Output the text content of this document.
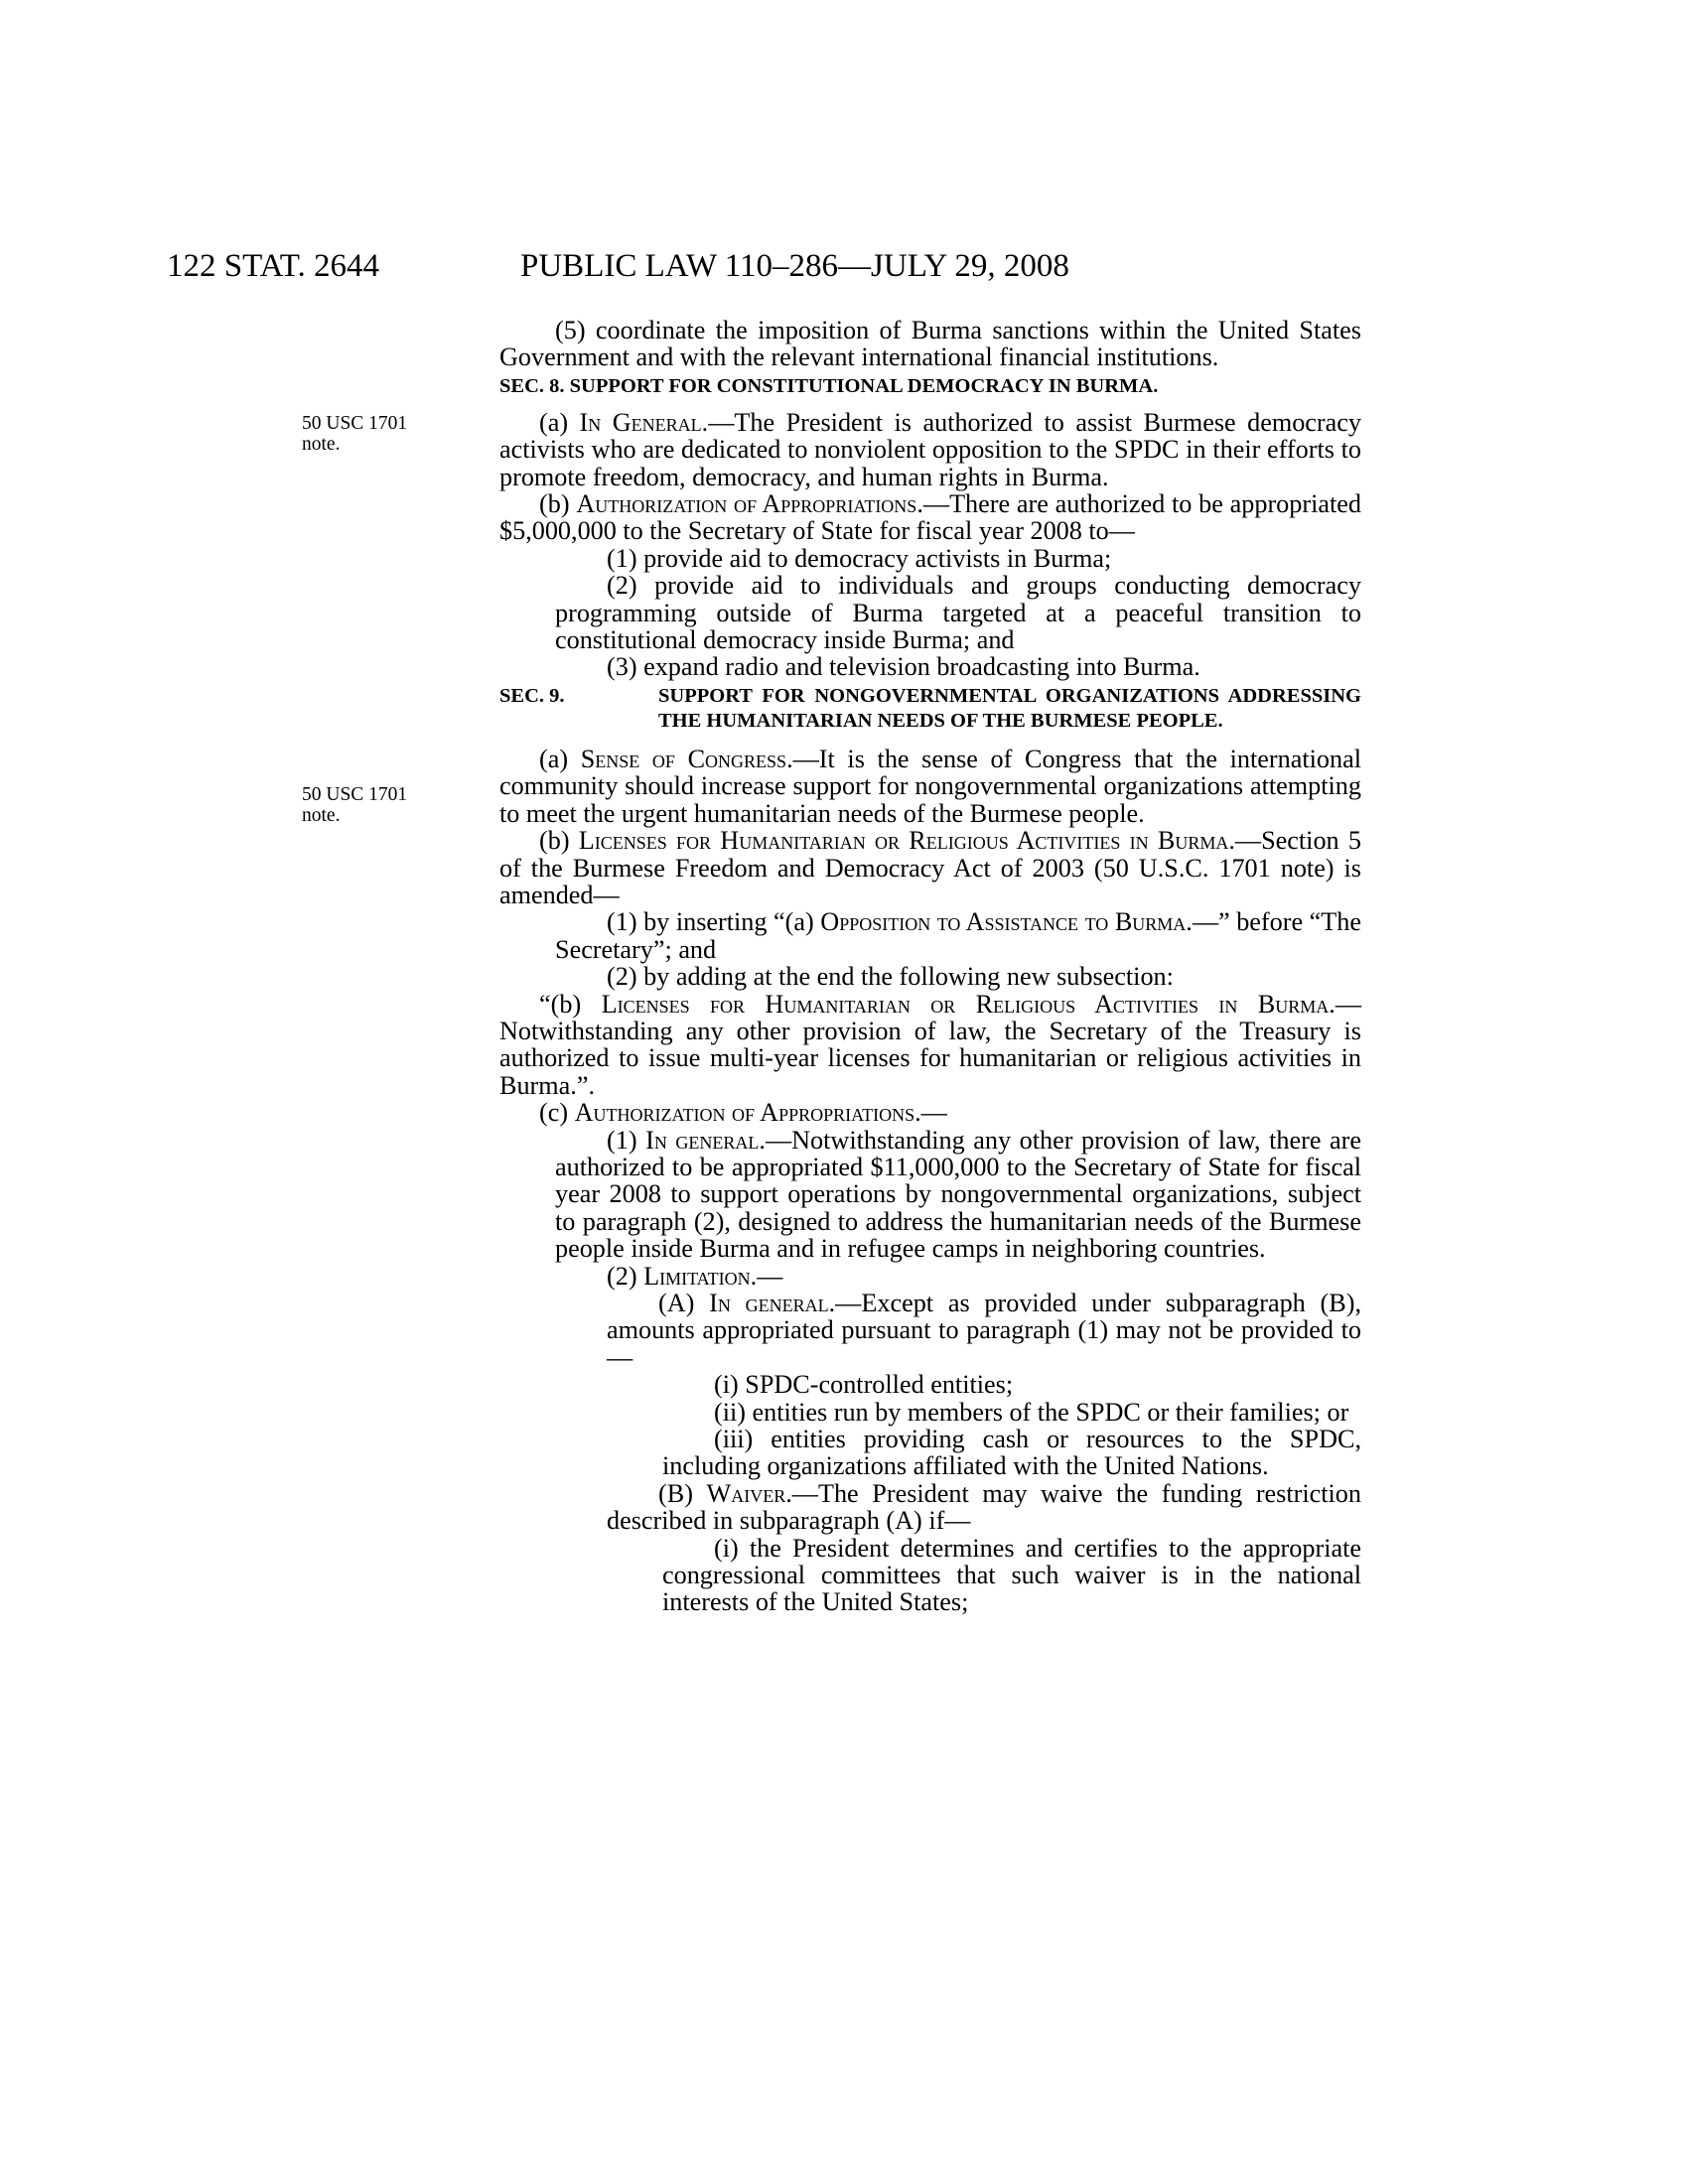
122 STAT. 2644	PUBLIC LAW 110–286—JULY 29, 2008
50 USC 1701
note.
50 USC 1701
note.

(5) coordinate the imposition of Burma sanctions within the United States Government and with the relevant international financial institutions.

SEC. 8. SUPPORT FOR CONSTITUTIONAL DEMOCRACY IN BURMA.

(a) In General.—The President is authorized to assist Burmese democracy activists who are dedicated to nonviolent opposition to the SPDC in their efforts to promote freedom, democracy, and human rights in Burma.

(b) Authorization of Appropriations.—There are authorized to be appropriated $5,000,000 to the Secretary of State for fiscal year 2008 to—

(1) provide aid to democracy activists in Burma;

(2) provide aid to individuals and groups conducting democracy programming outside of Burma targeted at a peaceful transition to constitutional democracy inside Burma; and

(3) expand radio and television broadcasting into Burma.

SEC. 9.	SUPPORT FOR NONGOVERNMENTAL ORGANIZATIONS ADDRESSING THE HUMANITARIAN NEEDS OF THE BURMESE PEOPLE.

(a) Sense of Congress.—It is the sense of Congress that the international community should increase support for nongovernmental organizations attempting to meet the urgent humanitarian needs of the Burmese people.

(b) Licenses for Humanitarian or Religious Activities in Burma.—Section 5 of the Burmese Freedom and Democracy Act of 2003 (50 U.S.C. 1701 note) is amended—

(1) by inserting “(a) Opposition to Assistance to Burma.—” before “The Secretary”; and

(2) by adding at the end the following new subsection:

“(b) Licenses for Humanitarian or Religious Activities in Burma.—Notwithstanding any other provision of law, the Secretary of the Treasury is authorized to issue multi-year licenses for humanitarian or religious activities in Burma.”.

(c) Authorization of Appropriations.—

(1) In general.—Notwithstanding any other provision of law, there are authorized to be appropriated $11,000,000 to the Secretary of State for fiscal year 2008 to support operations by nongovernmental organizations, subject to paragraph (2), designed to address the humanitarian needs of the Burmese people inside Burma and in refugee camps in neighboring countries.

(2) Limitation.—

(A) In general.—Except as provided under subparagraph (B), amounts appropriated pursuant to paragraph (1) may not be provided to—

(i) SPDC-controlled entities;

(ii) entities run by members of the SPDC or their families; or

(iii) entities providing cash or resources to the SPDC, including organizations affiliated with the United Nations.

(B) Waiver.—The President may waive the funding restriction described in subparagraph (A) if—

(i) the President determines and certifies to the appropriate congressional committees that such waiver is in the national interests of the United States;
